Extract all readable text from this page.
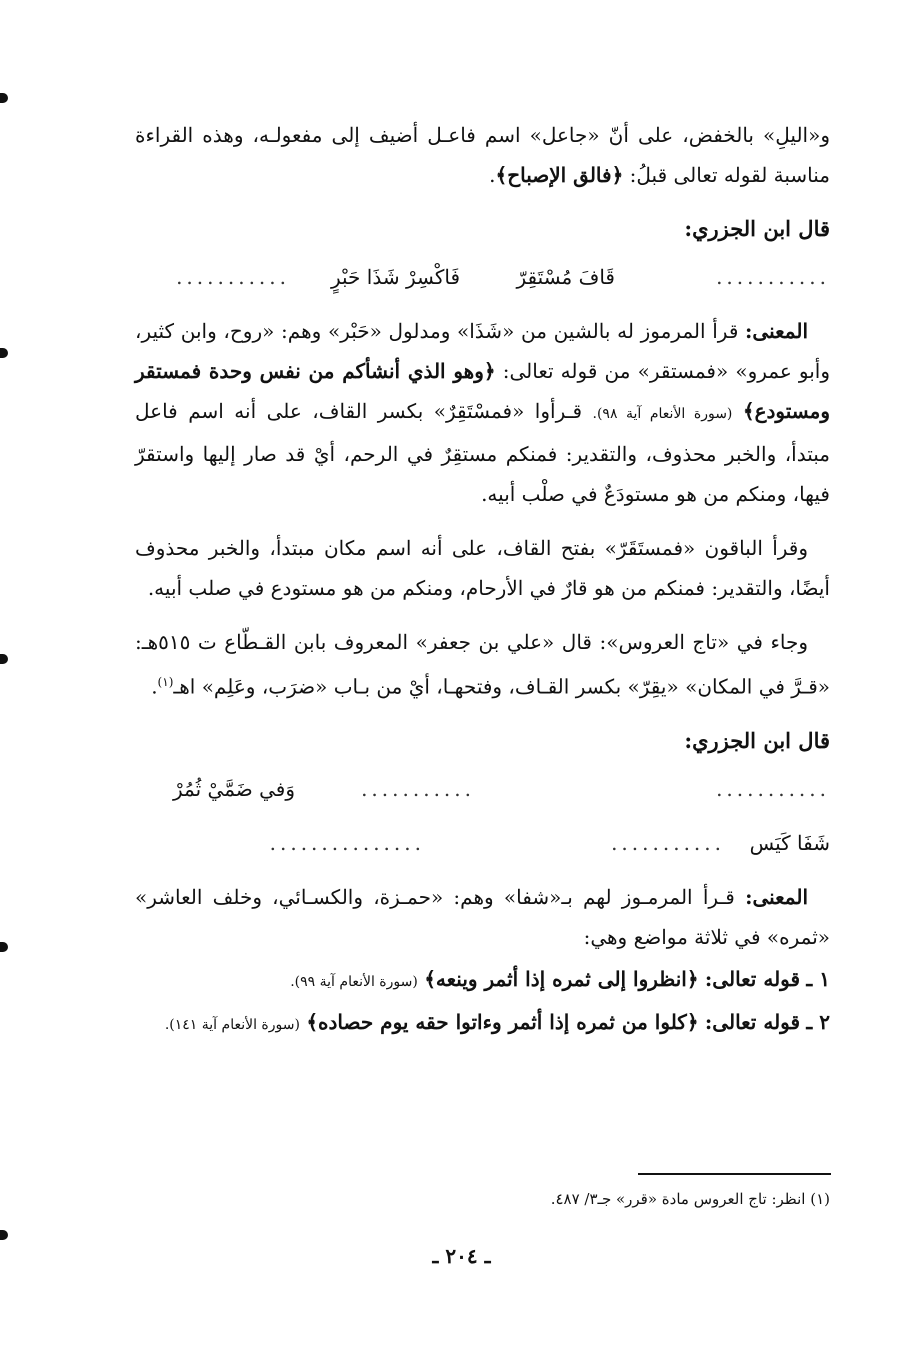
و«اليلِ» بالخفض، على أنّ «جاعل» اسم فاعـل أضيف إلى مفعولـه، وهذه القراءة مناسبة لقوله تعالى قبلُ: ﴿فالق الإصباح﴾.

قال ابن الجزري:

...........
قَافَ مُسْتَقِرّ
فَاكْسِرْ شَذَا حَبْرٍ
...........

المعنى: قرأ المرموز له بالشين من «شَذَا» ومدلول «حَبْر» وهم: «روح، وابن كثير، وأبو عمرو» «فمستقر» من قوله تعالى: ﴿وهو الذي أنشأكم من نفس وحدة فمستقر ومستودع﴾ (سورة الأنعام آية ٩٨). قـرأوا «فمسْتَقِرٌ» بكسر القاف، على أنه اسم فاعل مبتدأ، والخبر محذوف، والتقدير: فمنكم مستقِرٌ في الرحم، أيْ قد صار إليها واستقرّ فيها، ومنكم من هو مستودَعٌ في صلْب أبيه.

وقرأ الباقون «فمستَقَرّ» بفتح القاف، على أنه اسم مكان مبتدأ، والخبر محذوف أيضًا، والتقدير: فمنكم من هو قارٌ في الأرحام، ومنكم من هو مستودع في صلب أبيه.

وجاء في «تاج العروس»: قال «علي بن جعفر» المعروف بابن القـطّاع ت ٥١٥هـ: «قـرَّ في المكان» «يقِرّ» بكسر القـاف، وفتحهـا، أيْ من بـاب «ضرَب، وعَلِم» اهـ$^{(١)}$.

قال ابن الجزري:

...........
...........
وَفي ضَمَّيْ ثُمُرْ
شَفَا كَيَس
...........
...............

المعنى: قـرأ المرمـوز لهم بـ«شفا» وهم: «حمـزة، والكسـائي، وخلف العاشر» «ثمره» في ثلاثة مواضع وهي:

١ ـ قوله تعالى: ﴿انظروا إلى ثمره إذا أثمر وينعه﴾ (سورة الأنعام آية ٩٩).

٢ ـ قوله تعالى: ﴿كلوا من ثمره إذا أثمر وءاتوا حقه يوم حصاده﴾ (سورة الأنعام آية ١٤١).

(١) انظر: تاج العروس مادة «قرر» جـ٣/ ٤٨٧.
ـ ٢٠٤ ـ
